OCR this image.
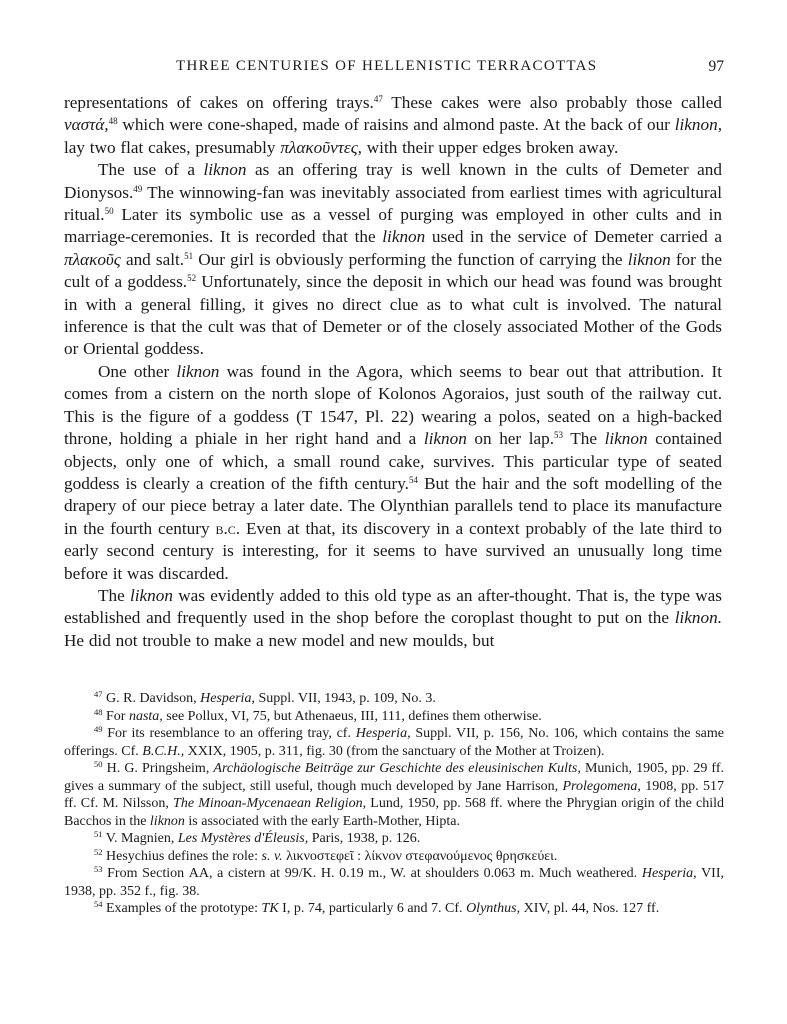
THREE CENTURIES OF HELLENISTIC TERRACOTTAS	97

representations of cakes on offering trays.$^{47}$ These cakes were also probably those called ναστά,$^{48}$ which were cone-shaped, made of raisins and almond paste. At the back of our liknon, lay two flat cakes, presumably πλακοῦντες, with their upper edges broken away.

The use of a liknon as an offering tray is well known in the cults of Demeter and Dionysos.$^{49}$ The winnowing-fan was inevitably associated from earliest times with agricultural ritual.$^{50}$ Later its symbolic use as a vessel of purging was employed in other cults and in marriage-ceremonies. It is recorded that the liknon used in the service of Demeter carried a πλακοῦς and salt.$^{51}$ Our girl is obviously performing the function of carrying the liknon for the cult of a goddess.$^{52}$ Unfortunately, since the deposit in which our head was found was brought in with a general filling, it gives no direct clue as to what cult is involved. The natural inference is that the cult was that of Demeter or of the closely associated Mother of the Gods or Oriental goddess.

One other liknon was found in the Agora, which seems to bear out that attribution. It comes from a cistern on the north slope of Kolonos Agoraios, just south of the railway cut. This is the figure of a goddess (T 1547, Pl. 22) wearing a polos, seated on a high-backed throne, holding a phiale in her right hand and a liknon on her lap.$^{53}$ The liknon contained objects, only one of which, a small round cake, survives. This particular type of seated goddess is clearly a creation of the fifth century.$^{54}$ But the hair and the soft modelling of the drapery of our piece betray a later date. The Olynthian parallels tend to place its manufacture in the fourth century b.c. Even at that, its discovery in a context probably of the late third to early second century is interesting, for it seems to have survived an unusually long time before it was discarded.

The liknon was evidently added to this old type as an after-thought. That is, the type was established and frequently used in the shop before the coroplast thought to put on the liknon. He did not trouble to make a new model and new moulds, but

$^{47}$ G. R. Davidson, Hesperia, Suppl. VII, 1943, p. 109, No. 3.

$^{48}$ For nasta, see Pollux, VI, 75, but Athenaeus, III, 111, defines them otherwise.

$^{49}$ For its resemblance to an offering tray, cf. Hesperia, Suppl. VII, p. 156, No. 106, which contains the same offerings. Cf. B.C.H., XXIX, 1905, p. 311, fig. 30 (from the sanctuary of the Mother at Troizen).

$^{50}$ H. G. Pringsheim, Archäologische Beiträge zur Geschichte des eleusinischen Kults, Munich, 1905, pp. 29 ff. gives a summary of the subject, still useful, though much developed by Jane Harrison, Prolegomena, 1908, pp. 517 ff. Cf. M. Nilsson, The Minoan-Mycenaean Religion, Lund, 1950, pp. 568 ff. where the Phrygian origin of the child Bacchos in the liknon is associated with the early Earth-Mother, Hipta.

$^{51}$ V. Magnien, Les Mystères d'Éleusis, Paris, 1938, p. 126.

$^{52}$ Hesychius defines the role: s. v. λικνοστεφεῖ : λίκνον στεφανούμενος θρησκεύει.

$^{53}$ From Section ΑΑ, a cistern at 99/K. H. 0.19 m., W. at shoulders 0.063 m. Much weathered. Hesperia, VII, 1938, pp. 352 f., fig. 38.

$^{54}$ Examples of the prototype: TK I, p. 74, particularly 6 and 7. Cf. Olynthus, XIV, pl. 44, Nos. 127 ff.
